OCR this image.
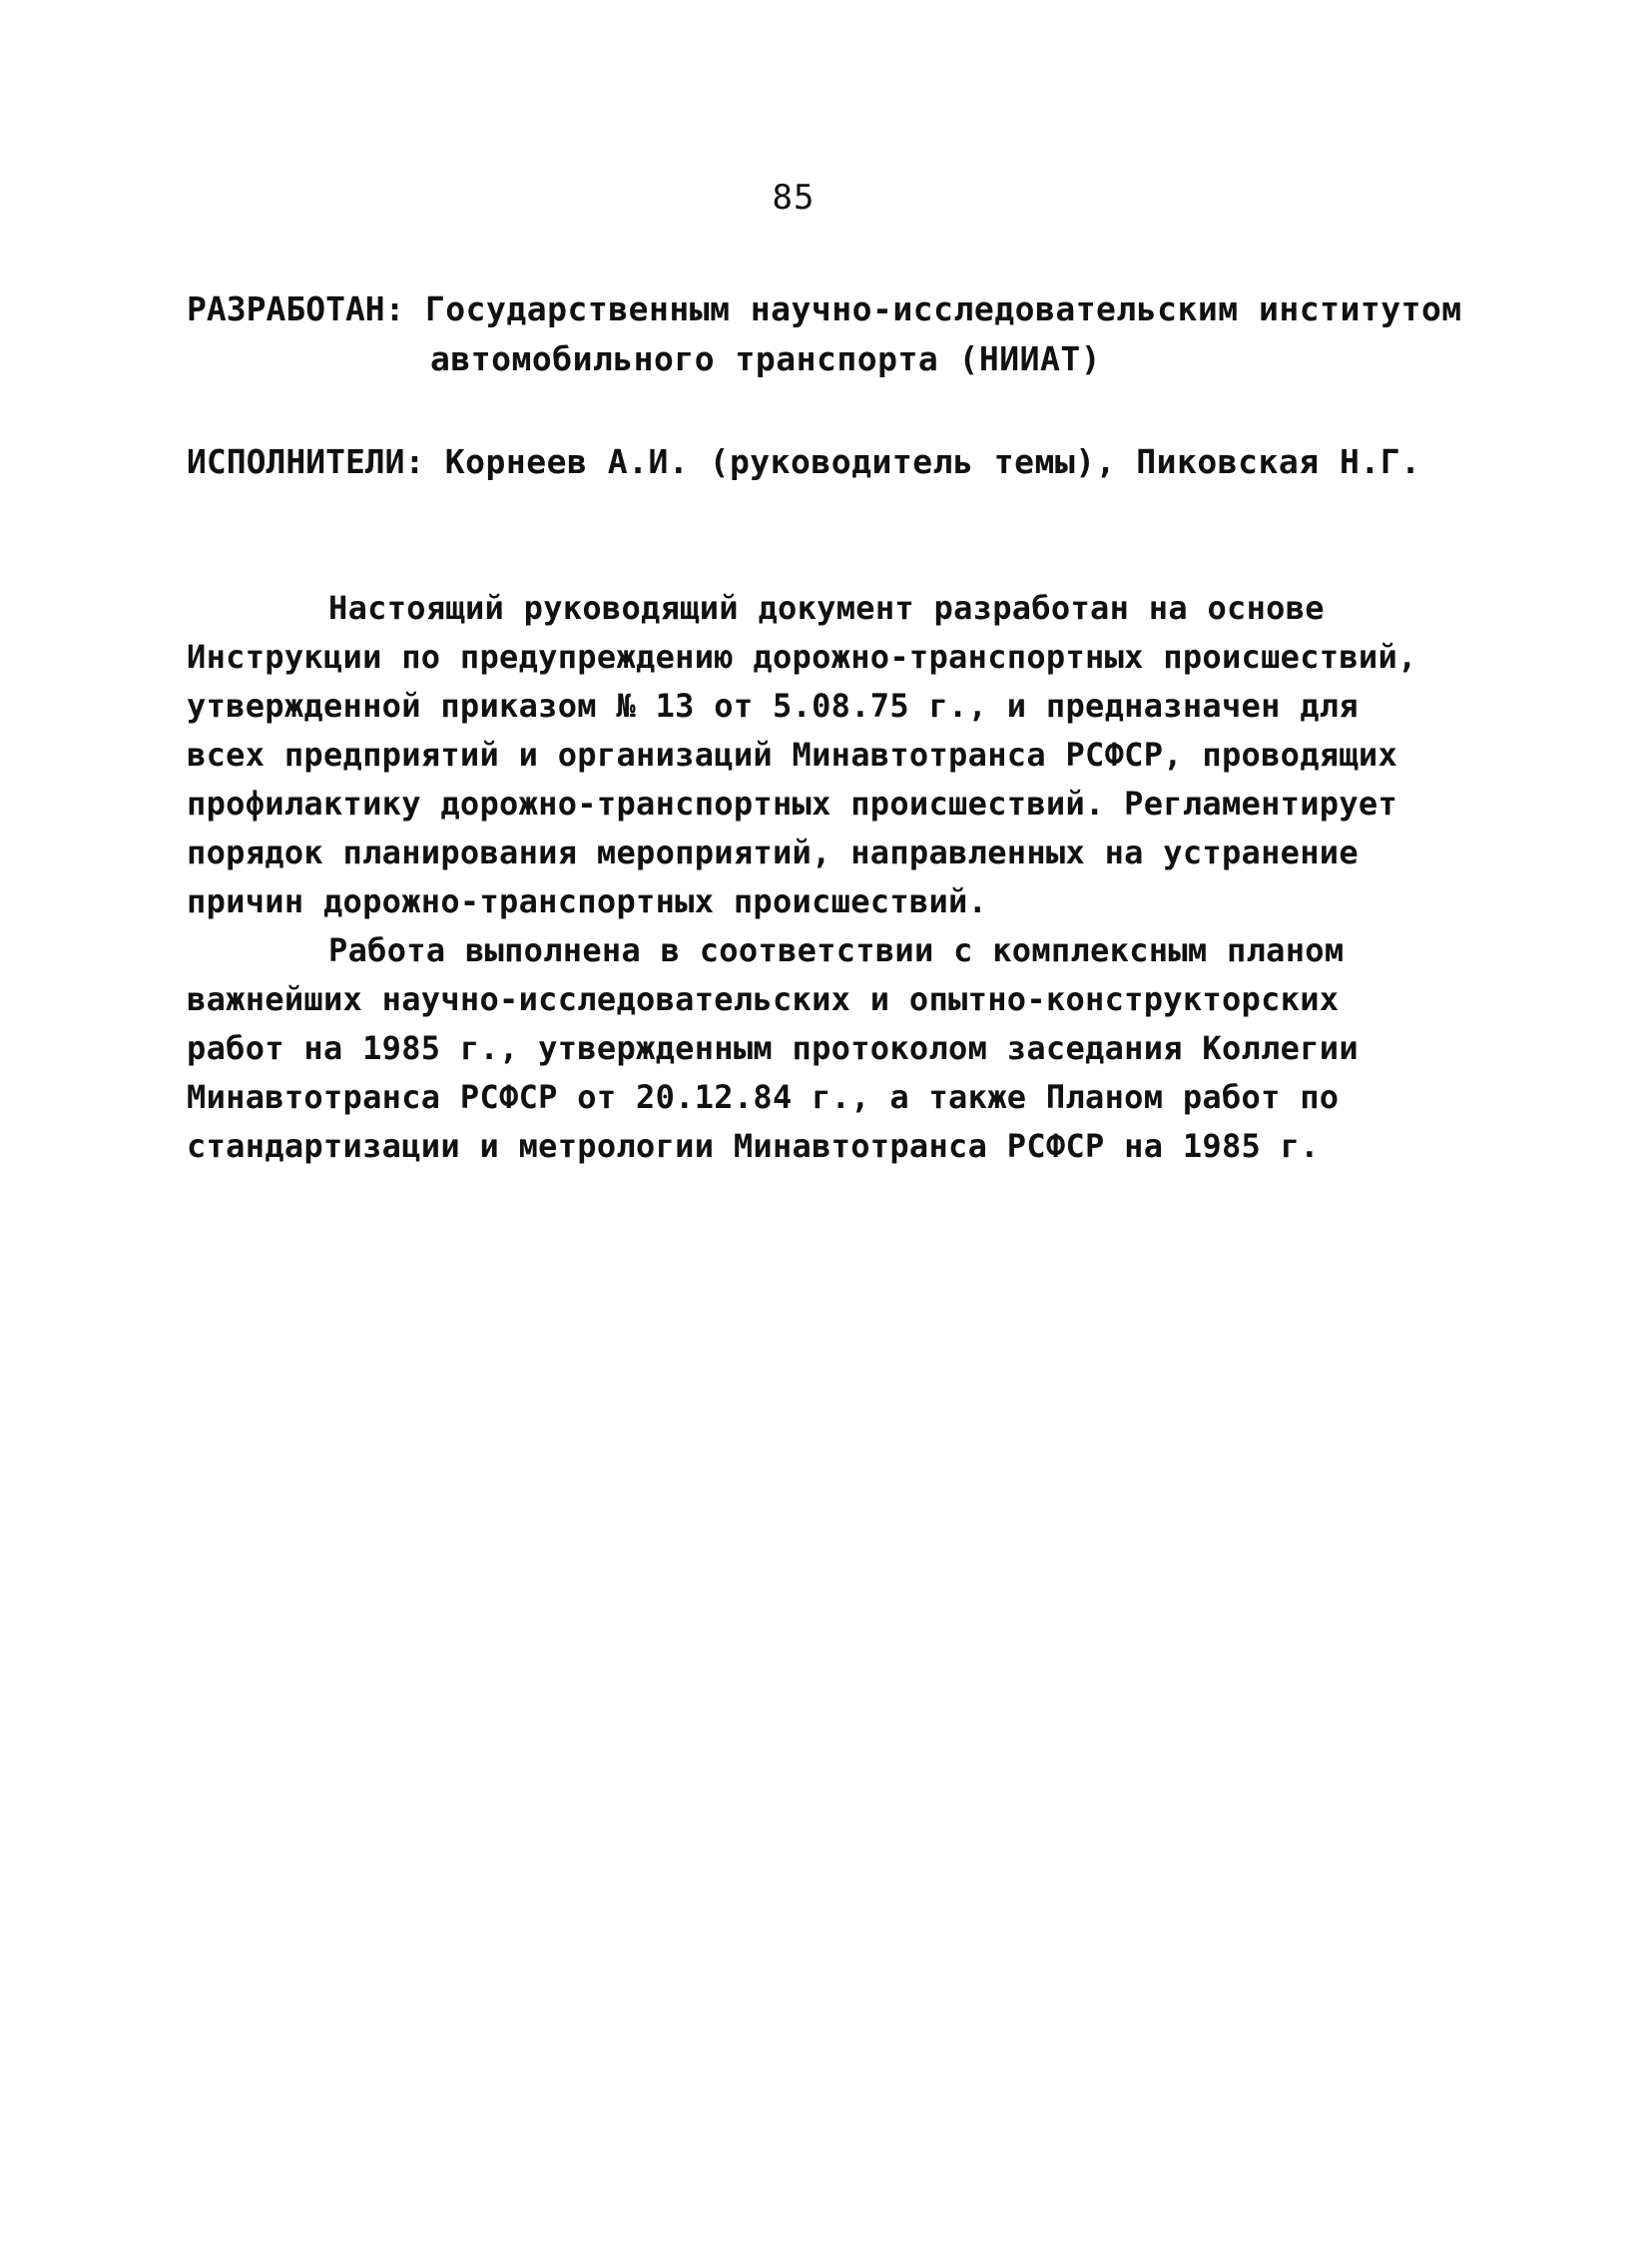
85
РАЗРАБОТАН: Государственным научно-исследовательским институтом
автомобильного транспорта (НИИАТ)
ИСПОЛНИТЕЛИ: Корнеев А.И. (руководитель темы), Пиковская Н.Г.
Настоящий руководящий документ разработан на основе
Инструкции по предупреждению дорожно-транспортных происшествий,
утвержденной приказом № 13 от 5.08.75 г., и предназначен для
всех предприятий и организаций Минавтотранса РСФСР, проводящих
профилактику дорожно-транспортных происшествий. Регламентирует
порядок планирования мероприятий, направленных на устранение
причин дорожно-транспортных происшествий.
Работа выполнена в соответствии с комплексным планом
важнейших научно-исследовательских и опытно-конструкторских
работ на 1985 г., утвержденным протоколом заседания Коллегии
Минавтотранса РСФСР от 20.12.84 г., а также Планом работ по
стандартизации и метрологии Минавтотранса РСФСР на 1985 г.
